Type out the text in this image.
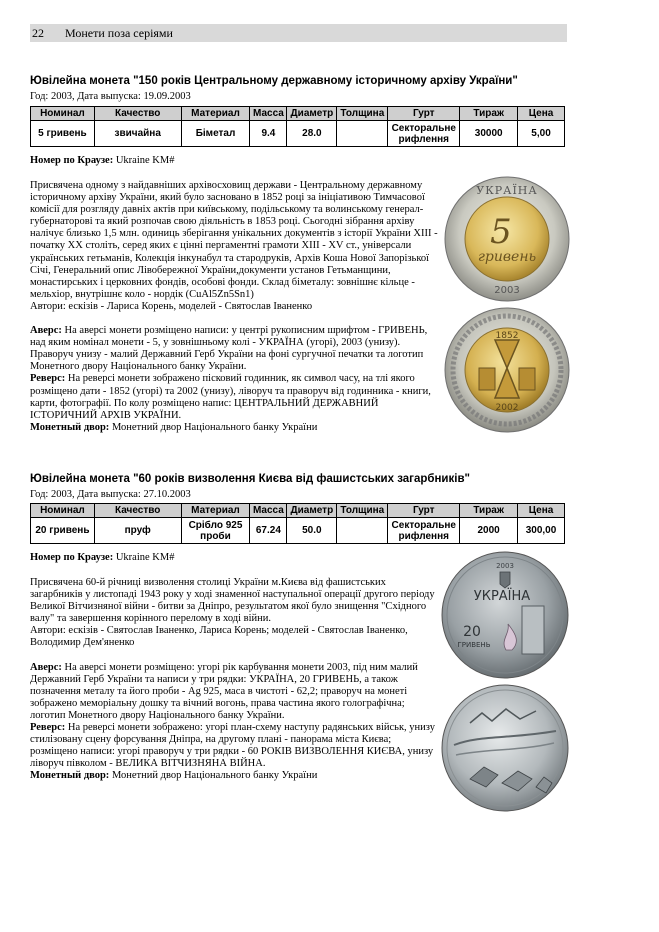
22 Монети поза серіями
Ювілейна монета "150 років Центральному державному історичному архіву України"
Год: 2003, Дата выпуска: 19.09.2003
Номинал	Качество	Материал	Масса	Диаметр	Толщина	Гурт	Тираж	Цена
5 гривень	звичайна	Біметал	9.4	28.0		Секторальне рифлення	30000	5,00
Номер по Краузе: Ukraine KM#

Присвячена одному з найдавніших архівосховищ держави - Центральному державному історичному архіву України, який було засновано в 1852 році за ініціативою Тимчасової комісії для розгляду давніх актів при київському, подільському та волинському генерал-губернаторові та який розпочав свою діяльність в 1853 році. Сьогодні зібрання архіву налічує близько 1,5 млн. одиниць зберігання унікальних документів з історії України XIII - початку XX століть, серед яких є цінні пергаментні грамоти XIII - XV ст., універсали українських гетьманів, Колекція інкунабул та стародруків, Архів Коша Нової Запорізької Січі, Генеральний опис Лівобережної України,документи установ Гетьманщини, монастирських і церковних фондів, особові фонди. Склад біметалу: зовнішнє кільце - мельхіор, внутрішнє коло - нордік (CuAl5Zn5Sn1)

Автори: ескізів - Лариса Корень, моделей - Святослав Іваненко

Аверс: На аверсі монети розміщено написи: у центрі рукописним шрифтом - ГРИВЕНЬ, над яким номінал монети - 5, у зовнішньому колі - УКРАЇНА (угорі), 2003 (унизу). Праворуч унизу - малий Державний Герб України на фоні сургучної печатки та логотип Монетного двору Національного банку України.

Реверс: На реверсі монети зображено пісковий годинник, як символ часу, на тлі якого розміщено дати - 1852 (угорі) та 2002 (унизу), ліворуч та праворуч від годинника - книги, карти, фотографії. По колу розміщено напис: ЦЕНТРАЛЬНИЙ ДЕРЖАВНИЙ ІСТОРИЧНИЙ АРХІВ УКРАЇНИ.

Монетный двор: Монетний двор Національного банку України

УКРАЇНА
5
гривень
2003
1852
2002
Ювілейна монета "60 років визволення Києва від фашистських загарбників"
Год: 2003, Дата выпуска: 27.10.2003
Номинал	Качество	Материал	Масса	Диаметр	Толщина	Гурт	Тираж	Цена
20 гривень	пруф	Срібло 925 проби	67.24	50.0		Секторальне рифлення	2000	300,00
Номер по Краузе: Ukraine KM#

Присвячена 60-й річниці визволення столиці України м.Києва від фашистських загарбників у листопаді 1943 року у ході знаменної наступальної операції другого періоду Великої Вітчизняної війни - битви за Дніпро, результатом якої було знищення "Східного валу" та завершення корінного перелому в ході війни.

Автори: ескізів - Святослав Іваненко, Лариса Корень; моделей - Святослав Іваненко, Володимир Дем'яненко

Аверс: На аверсі монети розміщено: угорі рік карбування монети 2003, під ним малий Державний Герб України та написи у три рядки: УКРАЇНА, 20 ГРИВЕНЬ, а також позначення металу та його проби - Ag 925, маса в чистоті - 62,2; праворуч на монеті зображено меморіальну дошку та вічний вогонь, права частина якого голографічна; логотип Монетного двору Національного банку України.

Реверс: На реверсі монети зображено: угорі план-схему наступу радянських військ, унизу стилізовану сцену форсування Дніпра, на другому плані - панорама міста Києва; розміщено написи: угорі праворуч у три рядки - 60 РОКІВ ВИЗВОЛЕННЯ КИЄВА, унизу ліворуч півколом - ВЕЛИКА ВІТЧИЗНЯНА ВІЙНА.

Монетный двор: Монетний двор Національного банку України

2003
УКРАЇНА
20
ГРИВЕНЬ
